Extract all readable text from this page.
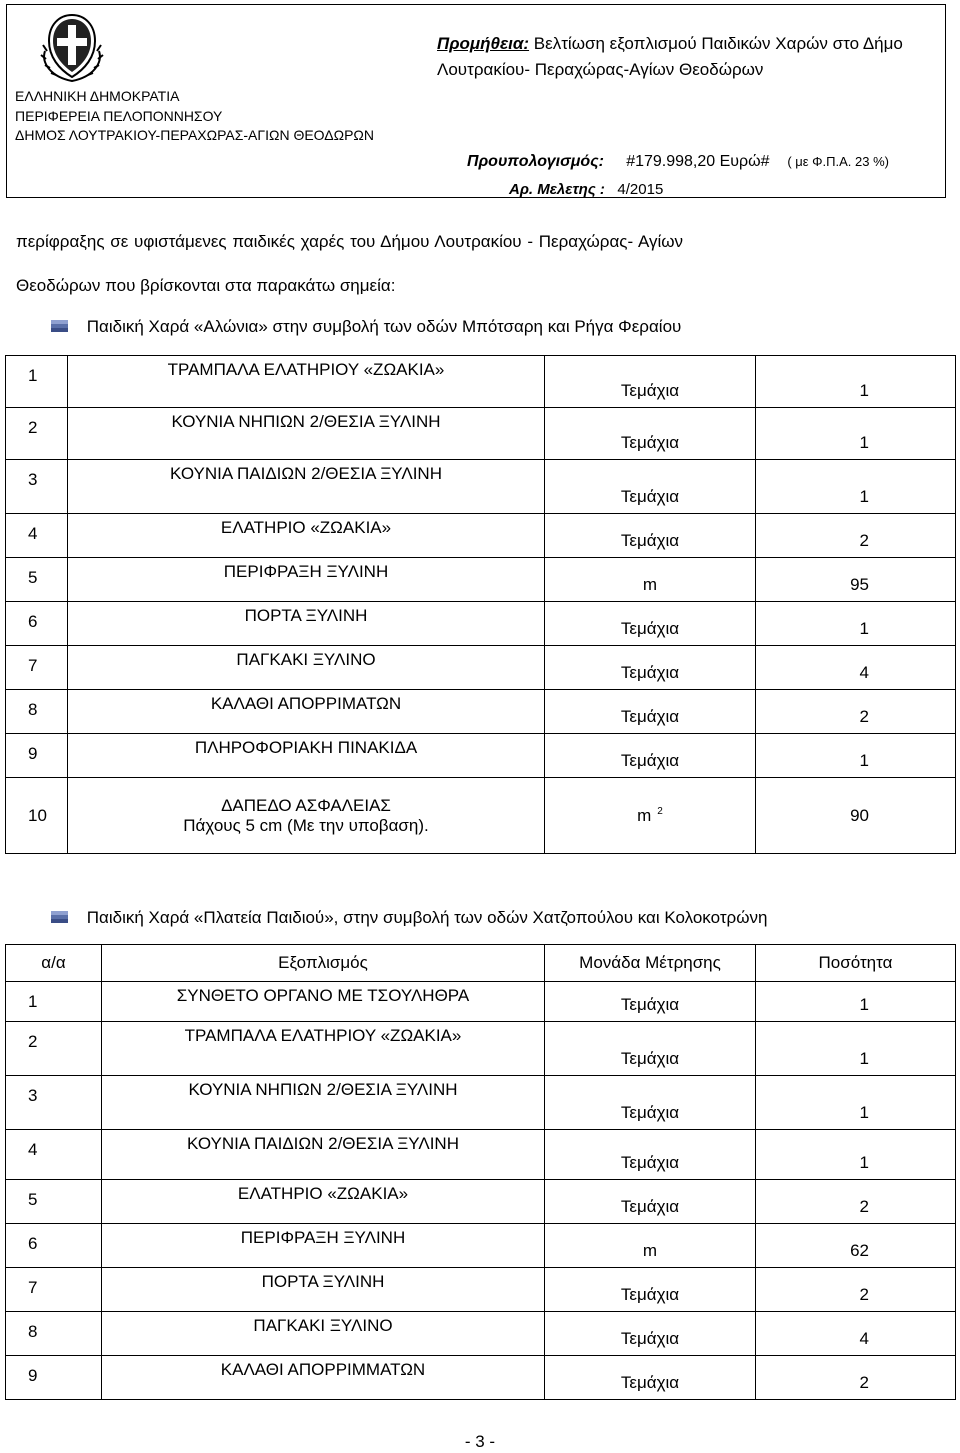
ΕΛΛΗΝΙΚΗ ΔΗΜΟΚΡΑΤΙΑ
ΠΕΡΙΦΕΡΕΙΑ ΠΕΛΟΠΟΝΝΗΣΟΥ
ΔΗΜΟΣ ΛΟΥΤΡΑΚΙΟΥ-ΠΕΡΑΧΩΡΑΣ-ΑΓΙΩΝ ΘΕΟΔΩΡΩΝ
Προμήθεια: Βελτίωση εξοπλισμού Παιδικών Χαρών στο Δήμο Λουτρακίου- Περαχώρας-Αγίων Θεοδώρων
Προυπολογισμός: #179.998,20 Ευρώ# ( με Φ.Π.Α. 23 %)
Αρ. Μελετης : 4/2015
περίφραξης σε υφιστάμενες παιδικές χαρές του Δήμου Λουτρακίου - Περαχώρας- Αγίων
Θεοδώρων που βρίσκονται στα παρακάτω σημεία:
Παιδική Χαρά «Αλώνια» στην συμβολή των οδών Μπότσαρη και Ρήγα Φεραίου
1	ΤΡΑΜΠΑΛΑ ΕΛΑΤΗΡΙΟΥ «ΖΩΑΚΙΑ»	Τεμάχια	1
2	ΚΟΥΝΙΑ ΝΗΠΙΩΝ 2/ΘΕΣΙΑ ΞΥΛΙΝΗ	Τεμάχια	1
3	ΚΟΥΝΙΑ ΠΑΙΔΙΩΝ 2/ΘΕΣΙΑ ΞΥΛΙΝΗ	Τεμάχια	1
4	ΕΛΑΤΗΡΙΟ «ΖΩΑΚΙΑ»	Τεμάχια	2
5	ΠΕΡΙΦΡΑΞΗ ΞΥΛΙΝΗ	m	95
6	ΠΟΡΤΑ ΞΥΛΙΝΗ	Τεμάχια	1
7	ΠΑΓΚΑΚΙ ΞΥΛΙΝΟ	Τεμάχια	4
8	ΚΑΛΑΘΙ ΑΠΟΡΡΙΜΑΤΩΝ	Τεμάχια	2
9	ΠΛΗΡΟΦΟΡΙΑΚΗ ΠΙΝΑΚΙΔΑ	Τεμάχια	1
10	ΔΑΠΕΔΟ ΑΣΦΑΛΕΙΑΣ
Πάχους 5 cm (Με την υποβαση).	m $^2$	90
Παιδική Χαρά «Πλατεία Παιδιού», στην συμβολή των οδών Χατζοπούλου και Κολοκοτρώνη
α/α	Εξοπλισμός	Μονάδα Μέτρησης	Ποσότητα
1	ΣΥΝΘΕΤΟ ΟΡΓΑΝΟ ΜΕ ΤΣΟΥΛΗΘΡΑ	Τεμάχια	1
2	ΤΡΑΜΠΑΛΑ ΕΛΑΤΗΡΙΟΥ «ΖΩΑΚΙΑ»	Τεμάχια	1
3	ΚΟΥΝΙΑ ΝΗΠΙΩΝ 2/ΘΕΣΙΑ ΞΥΛΙΝΗ	Τεμάχια	1
4	ΚΟΥΝΙΑ ΠΑΙΔΙΩΝ 2/ΘΕΣΙΑ ΞΥΛΙΝΗ	Τεμάχια	1
5	ΕΛΑΤΗΡΙΟ «ΖΩΑΚΙΑ»	Τεμάχια	2
6	ΠΕΡΙΦΡΑΞΗ ΞΥΛΙΝΗ	m	62
7	ΠΟΡΤΑ ΞΥΛΙΝΗ	Τεμάχια	2
8	ΠΑΓΚΑΚΙ ΞΥΛΙΝΟ	Τεμάχια	4
9	ΚΑΛΑΘΙ ΑΠΟΡΡΙΜΜΑΤΩΝ	Τεμάχια	2
- 3 -
